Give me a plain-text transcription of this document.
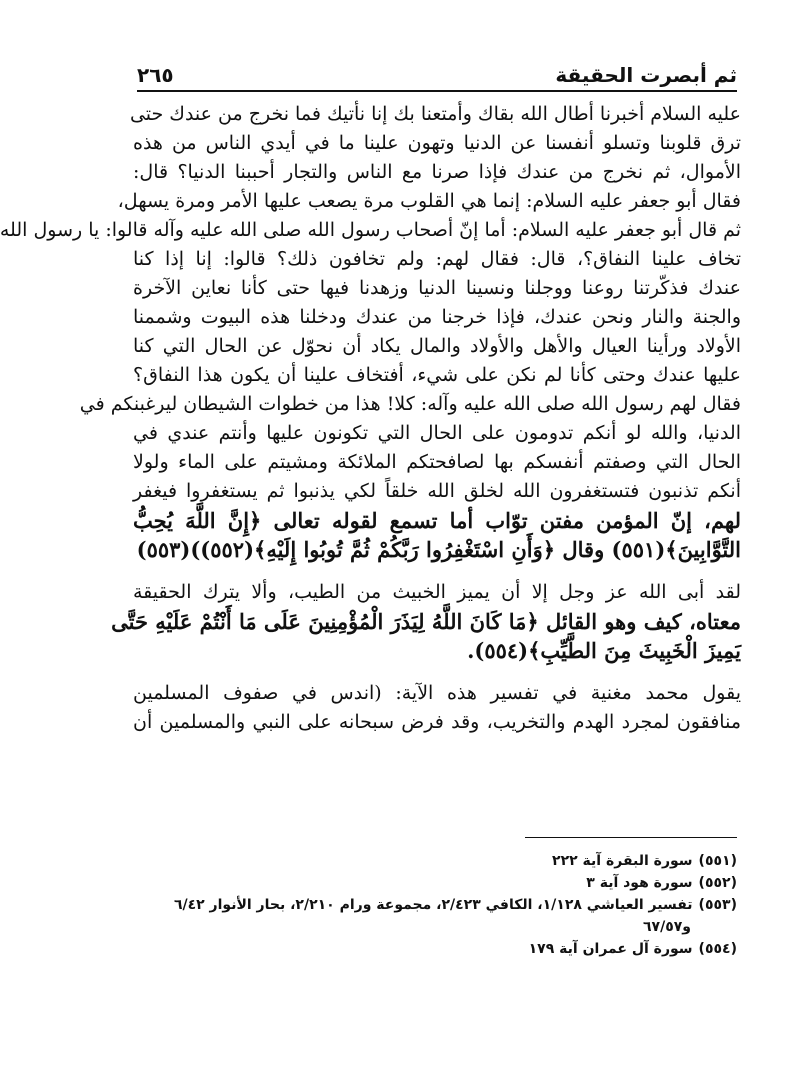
ثم أبصرت الحقيقة
٢٦٥
عليه السلام أخبرنا أطال الله بقاك وأمتعنا بك إنا نأتيك فما نخرج من عندك حتى
ترق قلوبنا وتسلو أنفسنا عن الدنيا وتهون علينا ما في أيدي الناس من هذه
الأموال، ثم نخرج من عندك فإذا صرنا مع الناس والتجار أحببنا الدنيا؟ قال:
فقال أبو جعفر عليه السلام: إنما هي القلوب مرة يصعب عليها الأمر ومرة يسهل،
ثم قال أبو جعفر عليه السلام: أما إنّ أصحاب رسول الله صلى الله عليه وآله قالوا: يا رسول الله
تخاف علينا النفاق؟، قال: فقال لهم: ولم تخافون ذلك؟ قالوا: إنا إذا كنا
عندك فذكّرتنا روعنا ووجلنا ونسينا الدنيا وزهدنا فيها حتى كأنا نعاين الآخرة
والجنة والنار ونحن عندك، فإذا خرجنا من عندك ودخلنا هذه البيوت وشممنا
الأولاد ورأينا العيال والأهل والأولاد والمال يكاد أن نحوّل عن الحال التي كنا
عليها عندك وحتى كأنا لم نكن على شيء، أفتخاف علينا أن يكون هذا النفاق؟
فقال لهم رسول الله صلى الله عليه وآله: كلا! هذا من خطوات الشيطان ليرغبنكم في
الدنيا، والله لو أنكم تدومون على الحال التي تكونون عليها وأنتم عندي في
الحال التي وصفتم أنفسكم بها لصافحتكم الملائكة ومشيتم على الماء ولولا
أنكم تذنبون فتستغفرون الله لخلق الله خلقاً لكي يذنبوا ثم يستغفروا فيغفر
لهم، إنّ المؤمن مفتن توّاب أما تسمع لقوله تعالى ﴿إِنَّ اللَّهَ يُحِبُّ
التَّوَّابِينَ﴾(٥٥١) وقال ﴿وَأَنِ اسْتَغْفِرُوا رَبَّكُمْ ثُمَّ تُوبُوا إِلَيْهِ﴾(٥٥٢))(٥٥٣)
لقد أبى الله عز وجل إلا أن يميز الخبيث من الطيب، وألا يترك الحقيقة
معتاه، كيف وهو القائل ﴿مَا كَانَ اللَّهُ لِيَذَرَ الْمُؤْمِنِينَ عَلَى مَا أَنْتُمْ عَلَيْهِ حَتَّى
يَمِيزَ الْخَبِيثَ مِنَ الطَّيِّبِ﴾(٥٥٤).
يقول محمد مغنية في تفسير هذه الآية: (اندس في صفوف المسلمين
منافقون لمجرد الهدم والتخريب، وقد فرض سبحانه على النبي والمسلمين أن
(٥٥١)سورة البقرة آية ٢٢٢
(٥٥٢)سورة هود آية ٣
(٥٥٣)تفسير العياشي ١/١٢٨، الكافي ٢/٤٢٣، مجموعة ورام ٢/٢١٠، بحار الأنوار ٦/٤٢
و٦٧/٥٧
(٥٥٤)سورة آل عمران آية ١٧٩
